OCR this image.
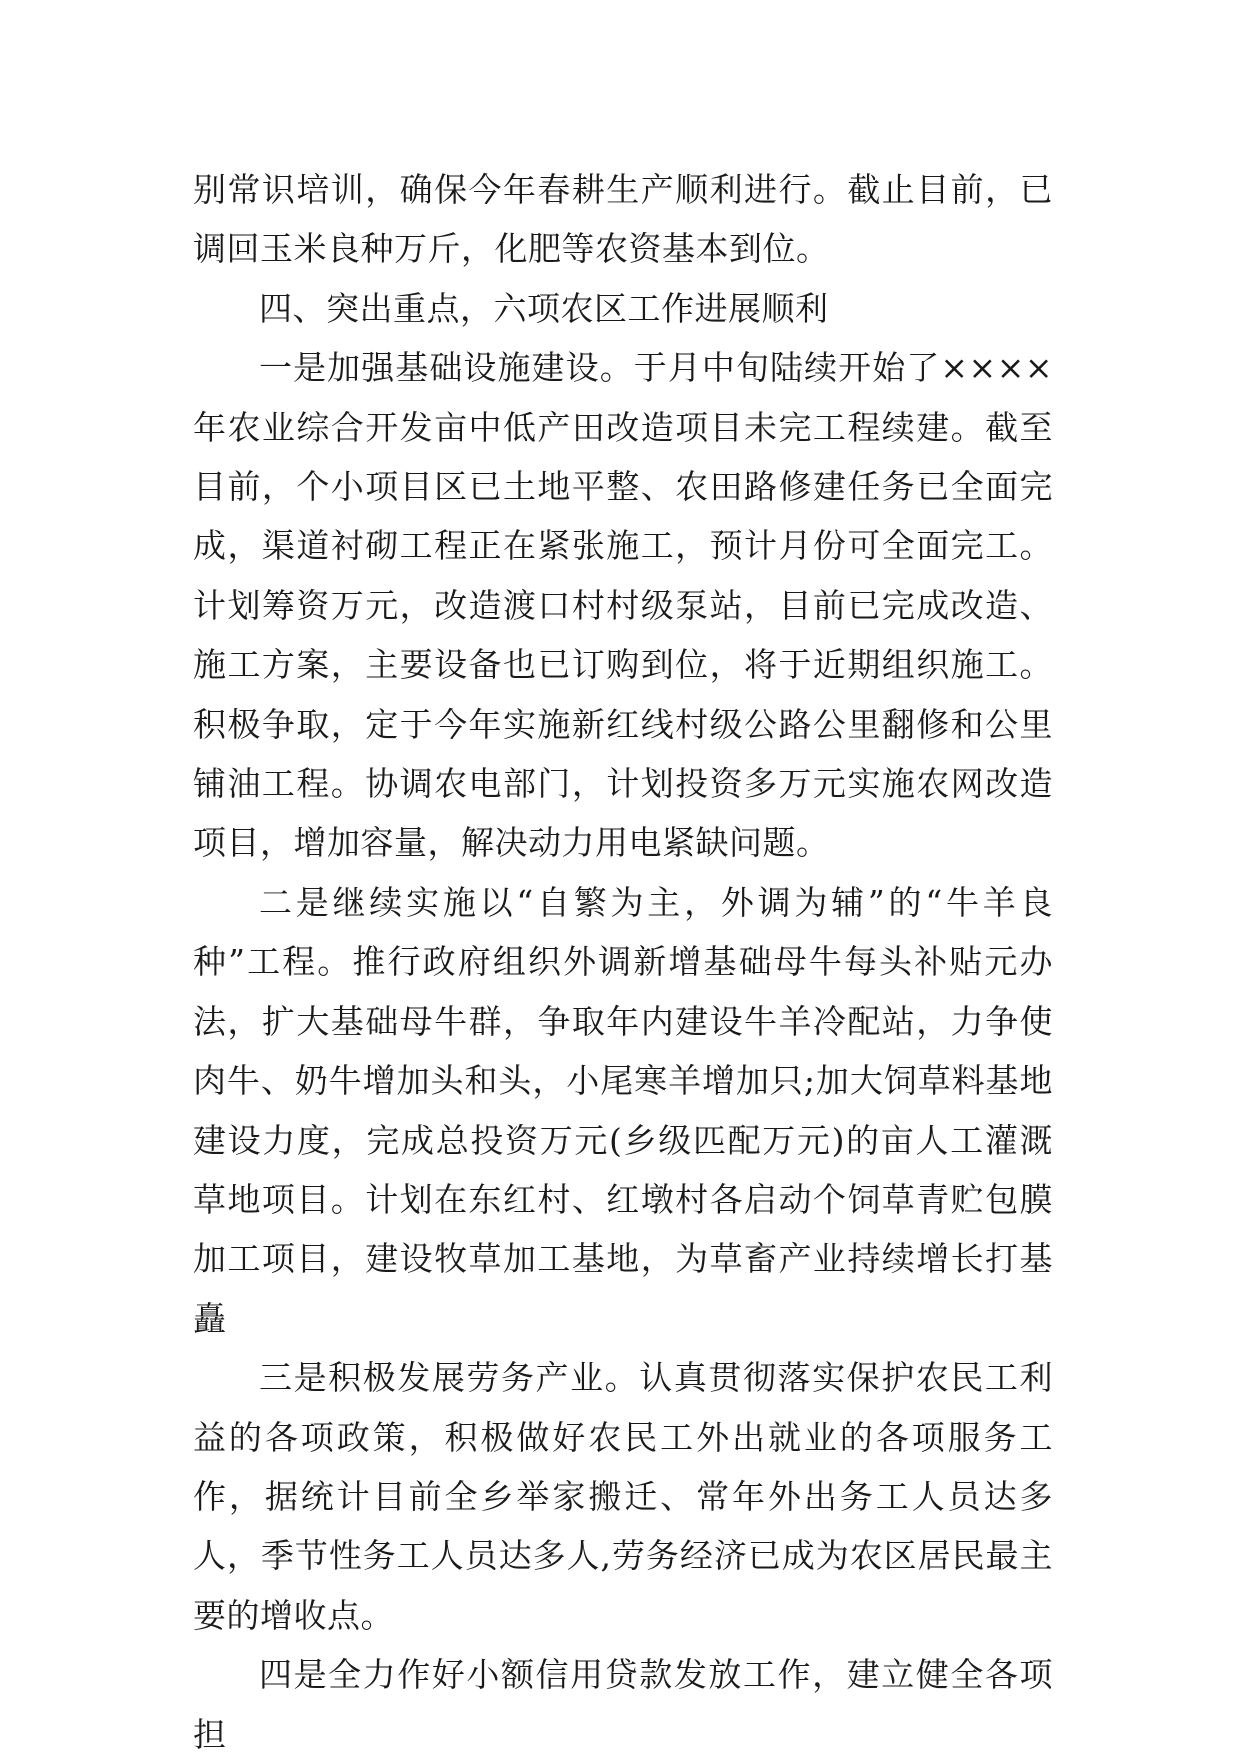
别常识培训，确保今年春耕生产顺利进行。截止目前，已调回玉米良种万斤，化肥等农资基本到位。

四、突出重点，六项农区工作进展顺利

一是加强基础设施建设。于月中旬陆续开始了××××年农业综合开发亩中低产田改造项目未完工程续建。截至目前，个小项目区已土地平整、农田路修建任务已全面完成，渠道衬砌工程正在紧张施工，预计月份可全面完工。计划筹资万元，改造渡口村村级泵站，目前已完成改造、施工方案，主要设备也已订购到位，将于近期组织施工。积极争取，定于今年实施新红线村级公路公里翻修和公里铺油工程。协调农电部门，计划投资多万元实施农网改造项目，增加容量，解决动力用电紧缺问题。

二是继续实施以“自繁为主，外调为辅”的“牛羊良种”工程。推行政府组织外调新增基础母牛每头补贴元办法，扩大基础母牛群，争取年内建设牛羊冷配站，力争使肉牛、奶牛增加头和头，小尾寒羊增加只;加大饲草料基地建设力度，完成总投资万元(乡级匹配万元)的亩人工灌溉草地项目。计划在东红村、红墩村各启动个饲草青贮包膜加工项目，建设牧草加工基地，为草畜产业持续增长打基矗

三是积极发展劳务产业。认真贯彻落实保护农民工利益的各项政策，积极做好农民工外出就业的各项服务工作，据统计目前全乡举家搬迁、常年外出务工人员达多人，季节性务工人员达多人,劳务经济已成为农区居民最主要的增收点。

四是全力作好小额信用贷款发放工作，建立健全各项担
